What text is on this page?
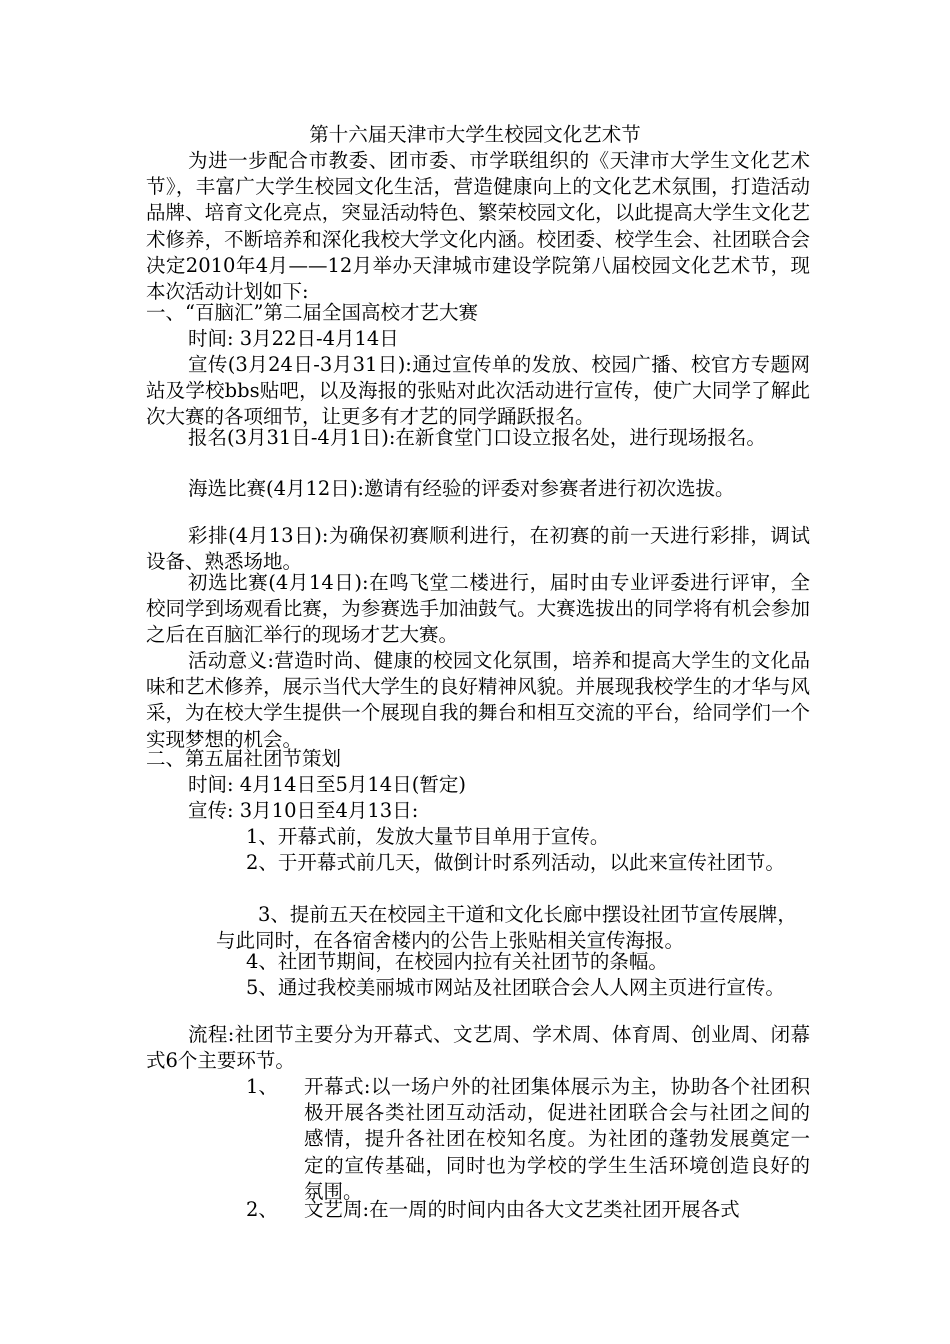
第十六届天津市大学生校园文化艺术节
为进一步配合市教委、团市委、市学联组织的《天津市大学生文化艺术节》，丰富广大学生校园文化生活，营造健康向上的文化艺术氛围，打造活动品牌、培育文化亮点，突显活动特色、繁荣校园文化，以此提高大学生文化艺术修养，不断培养和深化我校大学文化内涵。校团委、校学生会、社团联合会决定2010年4月——12月举办天津城市建设学院第八届校园文化艺术节，现本次活动计划如下:
一、“百脑汇”第二届全国高校才艺大赛
时间: 3月22日-4月14日
宣传(3月24日-3月31日):通过宣传单的发放、校园广播、校官方专题网站及学校bbs贴吧，以及海报的张贴对此次活动进行宣传，使广大同学了解此次大赛的各项细节，让更多有才艺的同学踊跃报名。
报名(3月31日-4月1日):在新食堂门口设立报名处，进行现场报名。
海选比赛(4月12日):邀请有经验的评委对参赛者进行初次选拔。
彩排(4月13日):为确保初赛顺利进行，在初赛的前一天进行彩排，调试设备、熟悉场地。
初选比赛(4月14日):在鸣飞堂二楼进行，届时由专业评委进行评审，全校同学到场观看比赛，为参赛选手加油鼓气。大赛选拔出的同学将有机会参加之后在百脑汇举行的现场才艺大赛。
活动意义:营造时尚、健康的校园文化氛围，培养和提高大学生的文化品味和艺术修养，展示当代大学生的良好精神风貌。并展现我校学生的才华与风采，为在校大学生提供一个展现自我的舞台和相互交流的平台，给同学们一个实现梦想的机会。
二、第五届社团节策划
时间: 4月14日至5月14日(暂定)
宣传: 3月10日至4月13日:
1、开幕式前，发放大量节目单用于宣传。
2、于开幕式前几天，做倒计时系列活动，以此来宣传社团节。
3、提前五天在校园主干道和文化长廊中摆设社团节宣传展牌，与此同时，在各宿舍楼内的公告上张贴相关宣传海报。
4、社团节期间，在校园内拉有关社团节的条幅。
5、通过我校美丽城市网站及社团联合会人人网主页进行宣传。
流程:社团节主要分为开幕式、文艺周、学术周、体育周、创业周、闭幕式6个主要环节。
1、 开幕式:以一场户外的社团集体展示为主，协助各个社团积极开展各类社团互动活动，促进社团联合会与社团之间的感情，提升各社团在校知名度。为社团的蓬勃发展奠定一定的宣传基础，同时也为学校的学生生活环境创造良好的氛围。
2、 文艺周:在一周的时间内由各大文艺类社团开展各式
